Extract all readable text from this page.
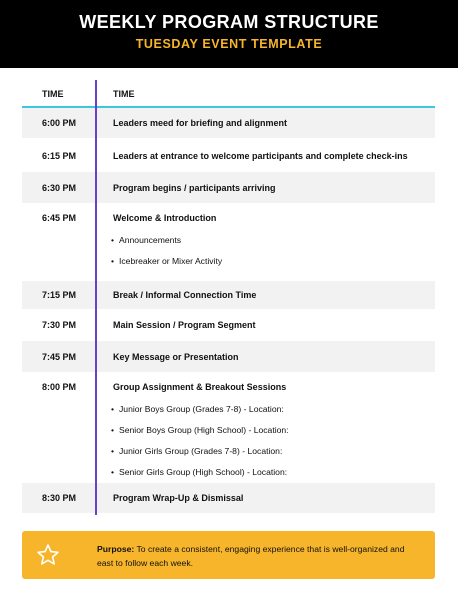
WEEKLY PROGRAM STRUCTURE
TUESDAY EVENT TEMPLATE
TIME	TIME
6:00 PM	Leaders meed for briefing and alignment
6:15 PM	Leaders at entrance to welcome participants and complete check-ins
6:30 PM	Program begins / participants arriving
6:45 PM	Welcome & Introduction
• Announcements
• Icebreaker or Mixer Activity
7:15 PM	Break / Informal Connection Time
7:30 PM	Main Session / Program Segment
7:45 PM	Key Message or Presentation
8:00 PM	Group Assignment & Breakout Sessions
• Junior Boys Group (Grades 7-8) - Location:
• Senior Boys Group (High School) - Location:
• Junior Girls Group (Grades 7-8) - Location:
• Senior Girls Group (High School) - Location:
8:30 PM	Program Wrap-Up & Dismissal
Purpose: To create a consistent, engaging experience that is well-organized and east to follow each week.
